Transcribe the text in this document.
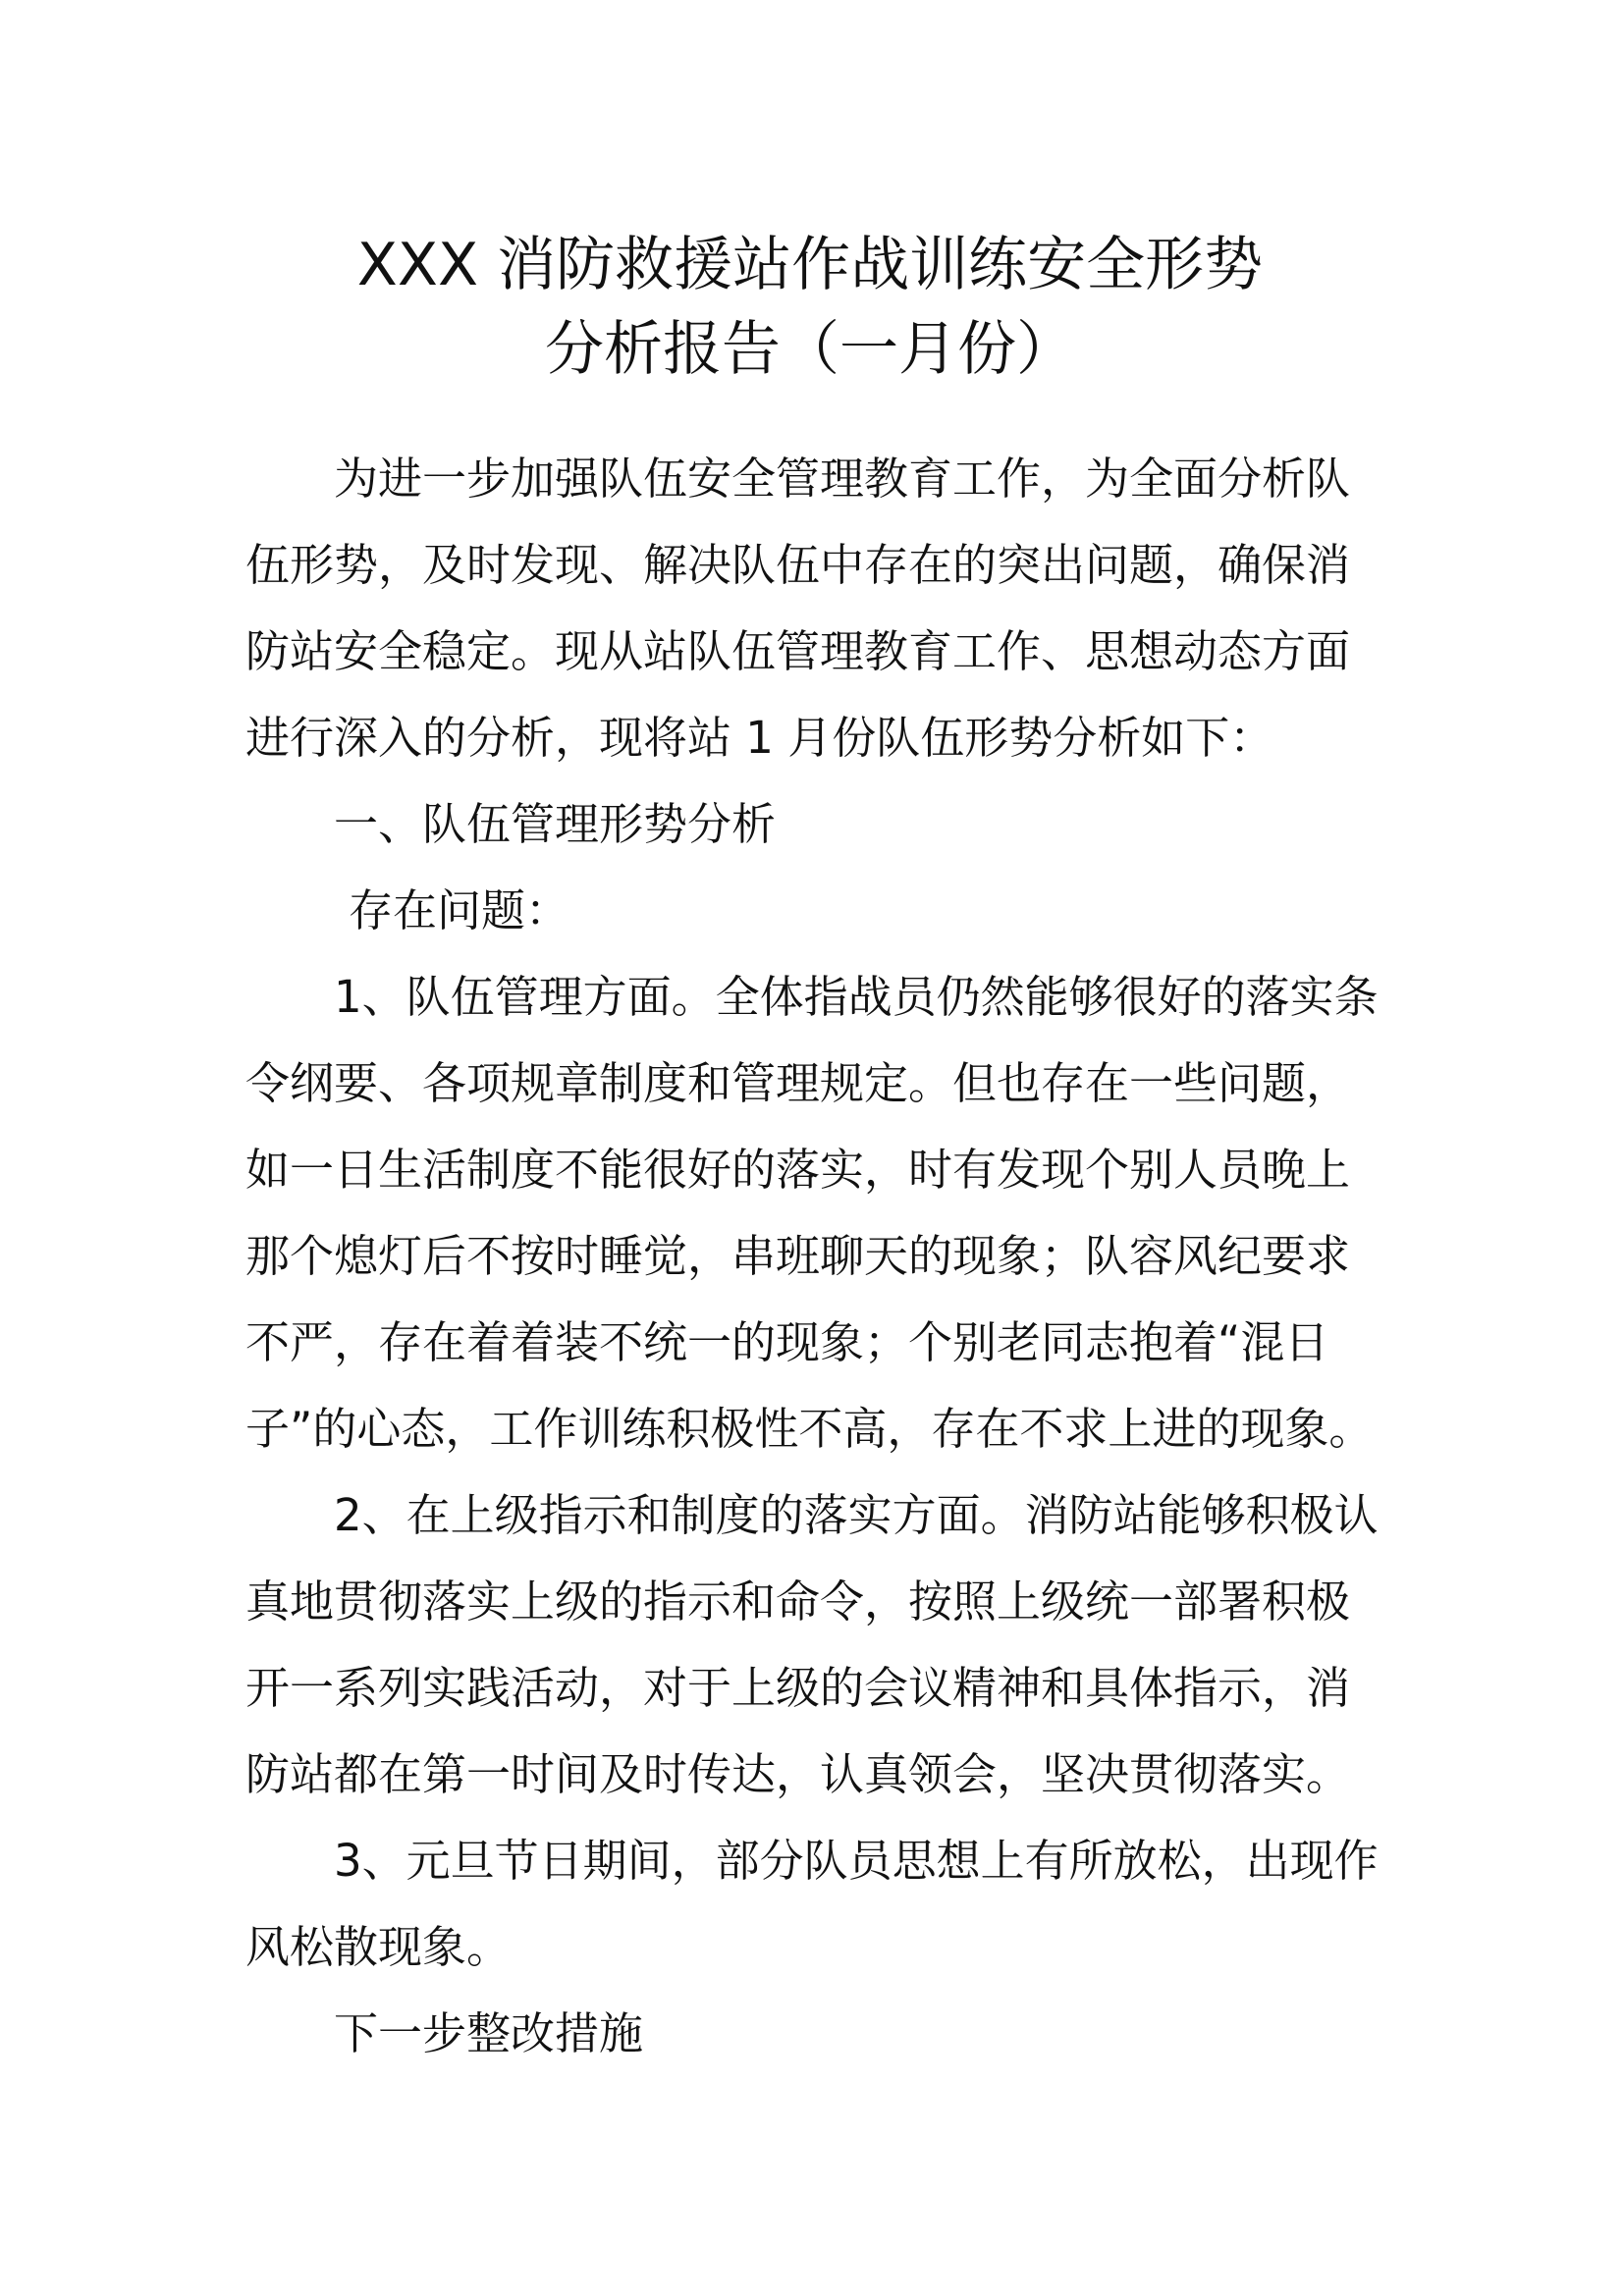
XXX 消防救援站作战训练安全形势
分析报告（一月份）
为进一步加强队伍安全管理教育工作，为全面分析队
伍形势，及时发现、解决队伍中存在的突出问题，确保消
防站安全稳定。现从站队伍管理教育工作、思想动态方面
进行深入的分析，现将站 1 月份队伍形势分析如下：
一、队伍管理形势分析
存在问题：
1、队伍管理方面。全体指战员仍然能够很好的落实条
令纲要、各项规章制度和管理规定。但也存在一些问题，
如一日生活制度不能很好的落实，时有发现个别人员晚上
那个熄灯后不按时睡觉，串班聊天的现象；队容风纪要求
不严，存在着着装不统一的现象；个别老同志抱着“混日
子”的心态，工作训练积极性不高，存在不求上进的现象。
2、在上级指示和制度的落实方面。消防站能够积极认
真地贯彻落实上级的指示和命令，按照上级统一部署积极
开一系列实践活动，对于上级的会议精神和具体指示，消
防站都在第一时间及时传达，认真领会，坚决贯彻落实。
3、元旦节日期间，部分队员思想上有所放松，出现作
风松散现象。
下一步整改措施
